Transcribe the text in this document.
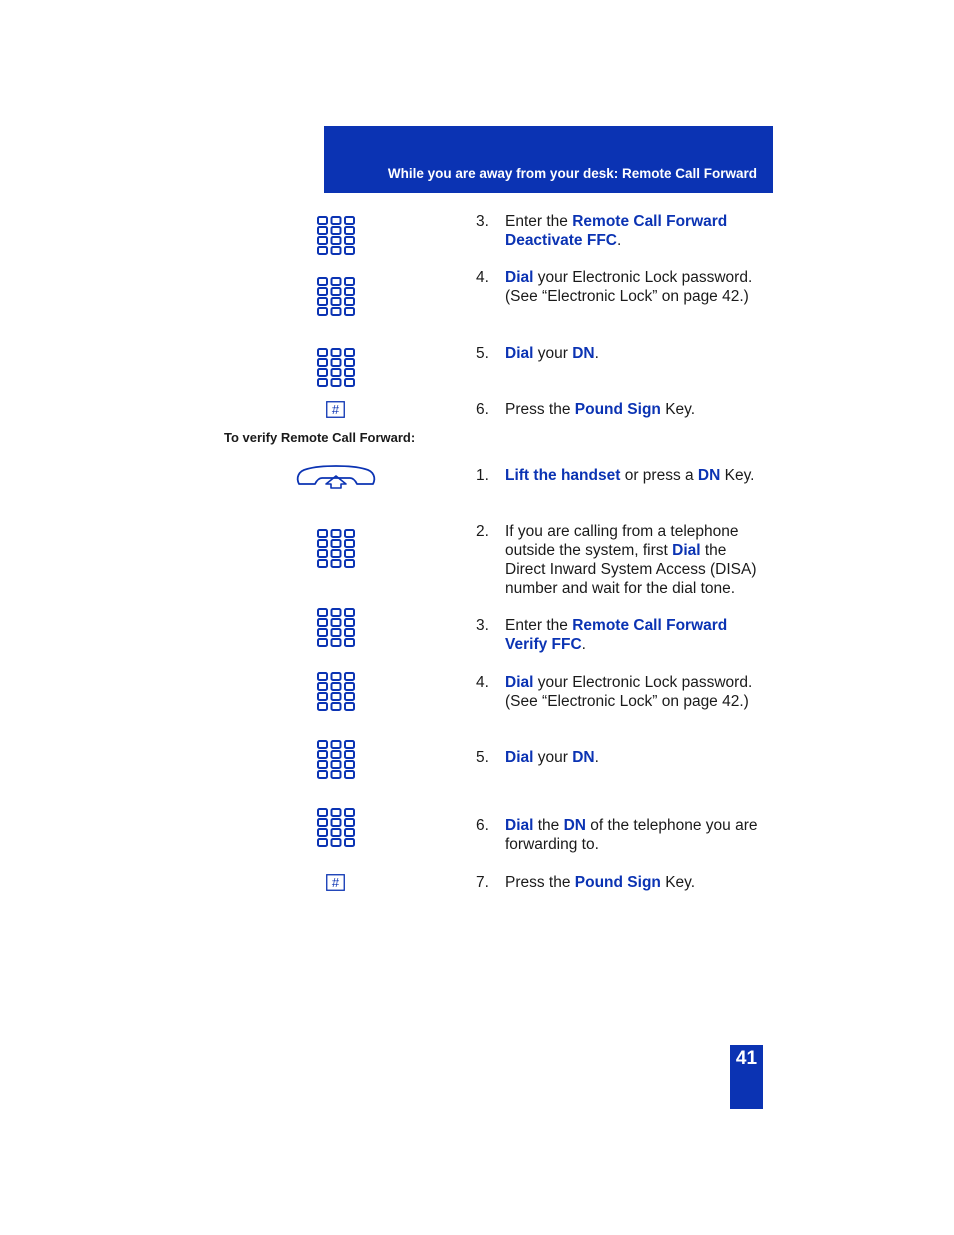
While you are away from your desk: Remote Call Forward
#
To verify Remote Call Forward:
#
3. Enter the Remote Call Forward Deactivate FFC.
4. Dial your Electronic Lock password. (See “Electronic Lock” on page 42.)
5. Dial your DN.
6. Press the Pound Sign Key.
1. Lift the handset or press a DN Key.
2. If you are calling from a telephone outside the system, first Dial the Direct Inward System Access (DISA) number and wait for the dial tone.
3. Enter the Remote Call Forward Verify FFC.
4. Dial your Electronic Lock password. (See “Electronic Lock” on page 42.)
5. Dial your DN.
6. Dial the DN of the telephone you are forwarding to.
7. Press the Pound Sign Key.
41
